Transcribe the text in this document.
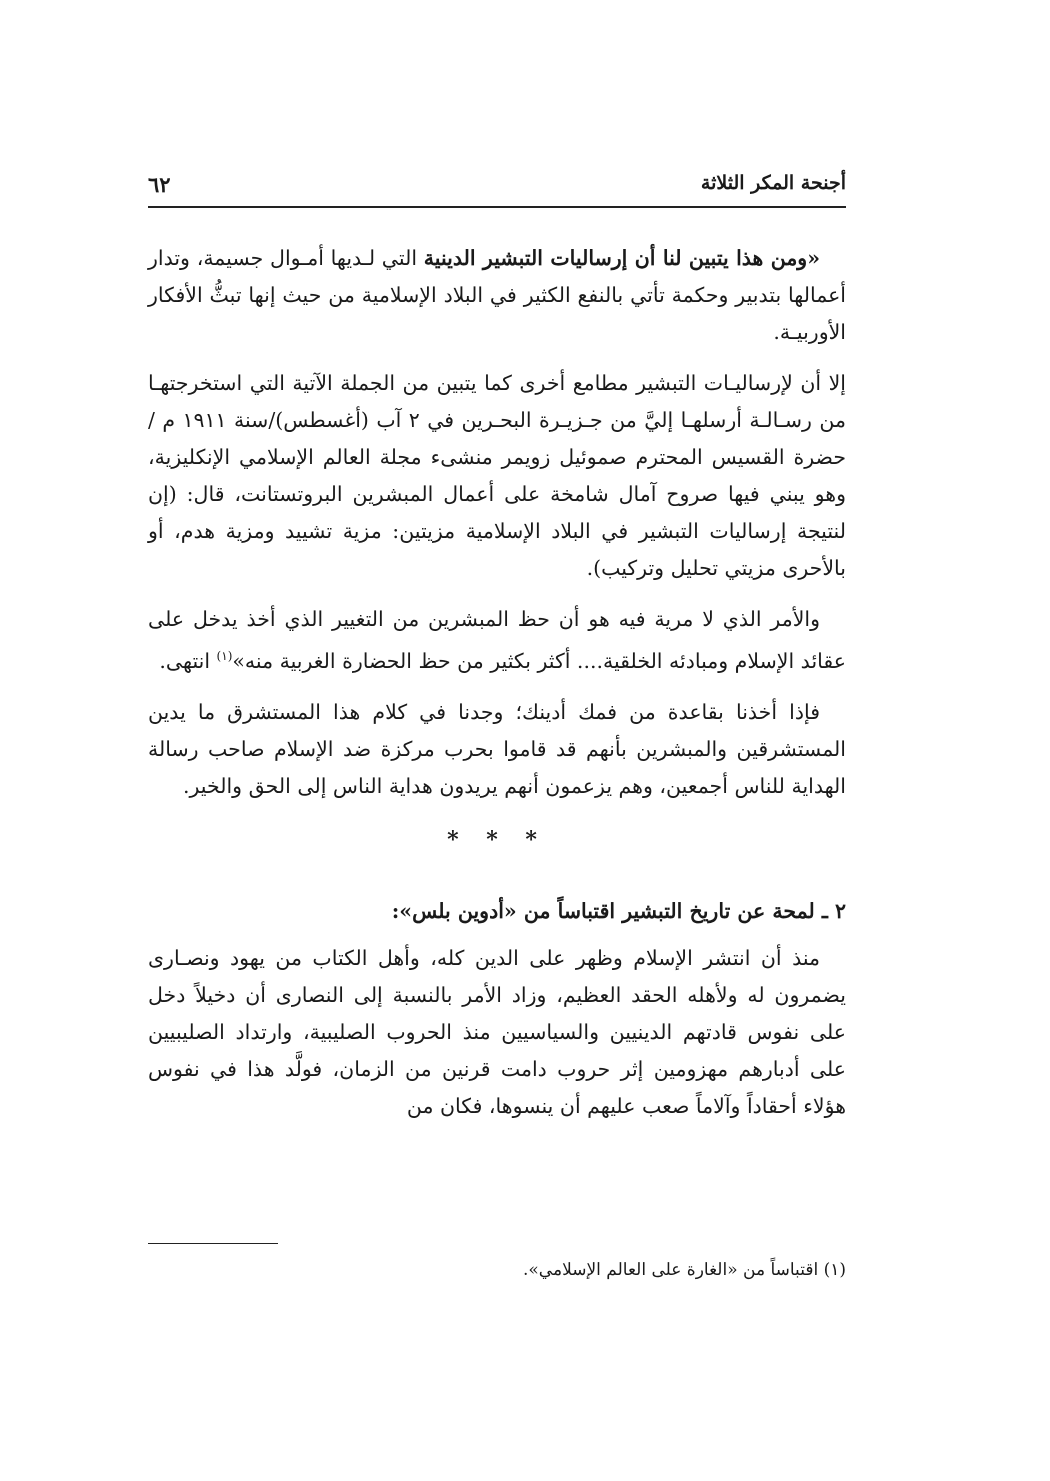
أجنحة المكر الثلاثة
٦٢

«ومن هذا يتبين لنا أن إرساليات التبشير الدينية التي لـديها أمـوال جسيمة، وتدار أعمالها بتدبير وحكمة تأتي بالنفع الكثير في البلاد الإسلامية من حيث إنها تبثُّ الأفكار الأوربيـة.

إلا أن لإرساليـات التبشير مطامع أخرى كما يتبين من الجملة الآتية التي استخرجتهـا من رسـالـة أرسلهـا إليَّ من جـزيـرة البحـرين في ٢ آب (أغسطس)/سنة ١٩١١ م / حضرة القسيس المحترم صموئيل زويمر منشىء مجلة العالم الإسلامي الإنكليزية، وهو يبني فيها صروح آمال شامخة على أعمال المبشرين البروتستانت، قال: (إن لنتيجة إرساليات التبشير في البلاد الإسلامية مزيتين: مزية تشييد ومزية هدم، أو بالأحرى مزيتي تحليل وتركيب).

والأمر الذي لا مرية فيه هو أن حظ المبشرين من التغيير الذي أخذ يدخل على عقائد الإسلام ومبادئه الخلقية.... أكثر بكثير من حظ الحضارة الغربية منه»$^{(١)}$ انتهى.

فإذا أخذنا بقاعدة من فمك أدينك؛ وجدنا في كلام هذا المستشرق ما يدين المستشرقين والمبشرين بأنهم قد قاموا بحرب مركزة ضد الإسلام صاحب رسالة الهداية للناس أجمعين، وهم يزعمون أنهم يريدون هداية الناس إلى الحق والخير.

* * *
٢ ـ لمحة عن تاريخ التبشير اقتباساً من «أدوين بلس»:

منذ أن انتشر الإسلام وظهر على الدين كله، وأهل الكتاب من يهود ونصـارى يضمرون له ولأهله الحقد العظيم، وزاد الأمر بالنسبة إلى النصارى أن دخيلاً دخل على نفوس قادتهم الدينيين والسياسيين منذ الحروب الصليبية، وارتداد الصليبيين على أدبارهم مهزومين إثر حروب دامت قرنين من الزمان، فولَّد هذا في نفوس هؤلاء أحقاداً وآلاماً صعب عليهم أن ينسوها، فكان من

(١) اقتباساً من «الغارة على العالم الإسلامي».
